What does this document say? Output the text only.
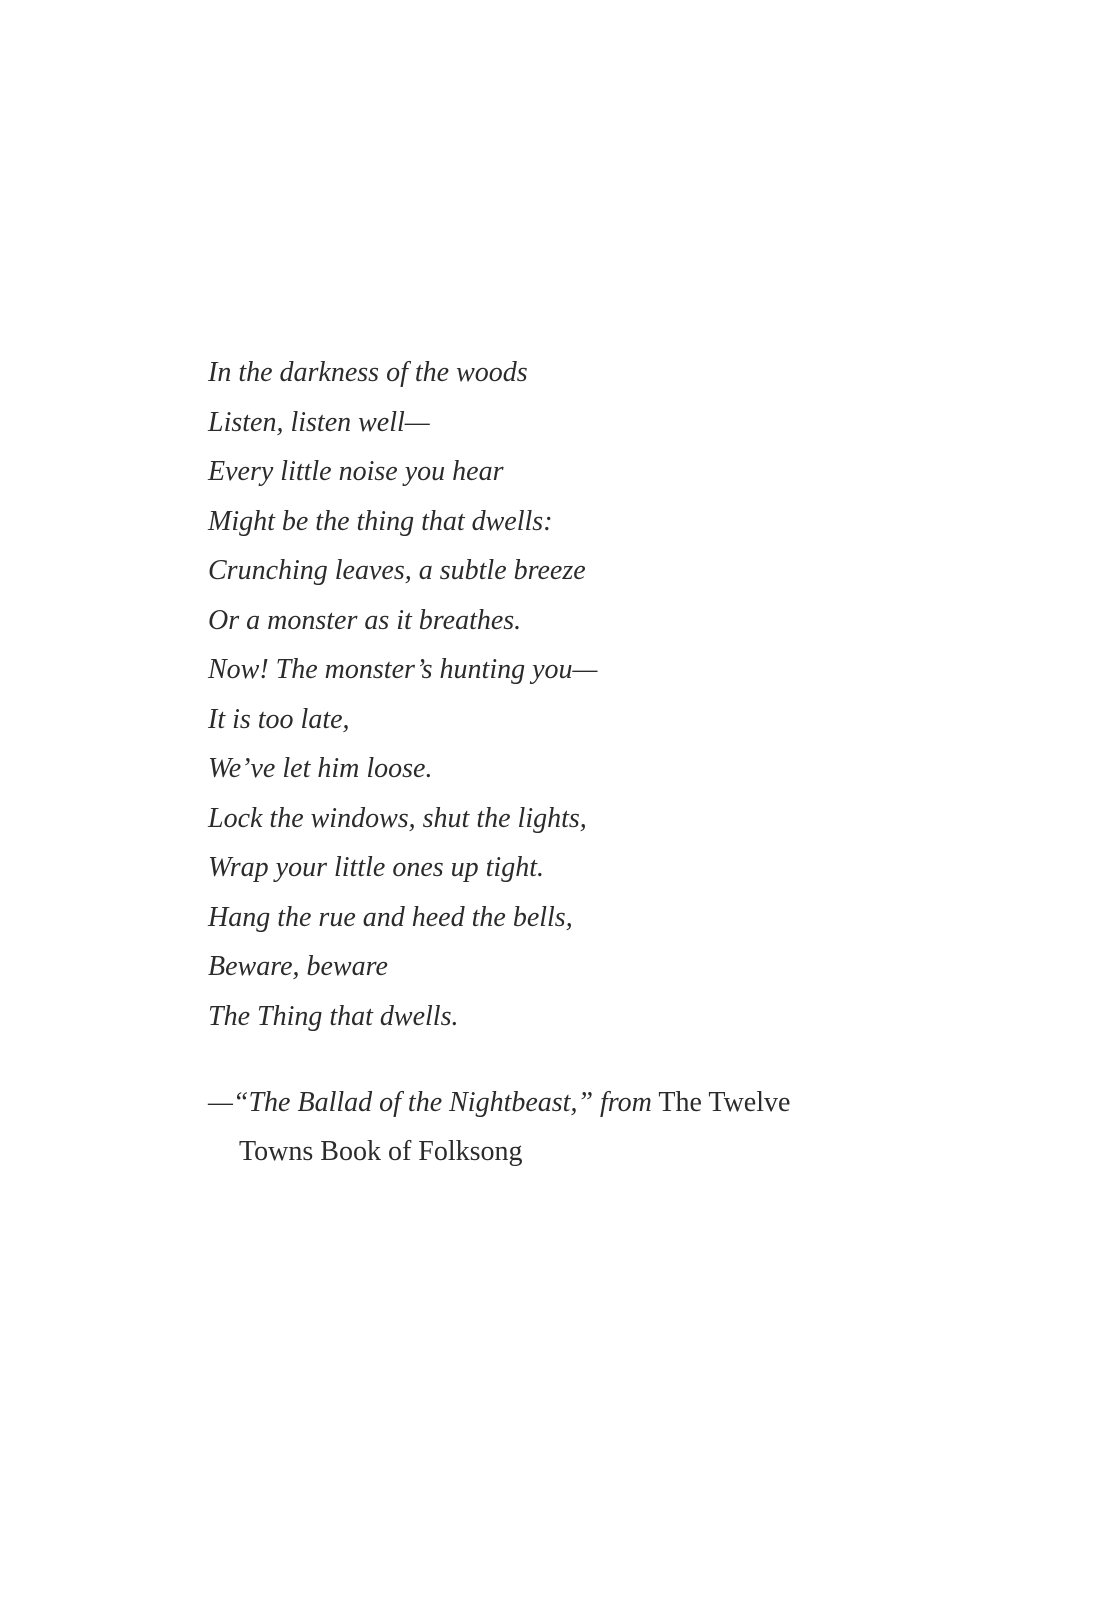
In the darkness of the woods
Listen, listen well—
Every little noise you hear
Might be the thing that dwells:
Crunching leaves, a subtle breeze
Or a monster as it breathes.
Now! The monster’s hunting you—
It is too late,
We’ve let him loose.
Lock the windows, shut the lights,
Wrap your little ones up tight.
Hang the rue and heed the bells,
Beware, beware
The Thing that dwells.
—“The Ballad of the Nightbeast,” from The Twelve
Towns Book of Folksong
